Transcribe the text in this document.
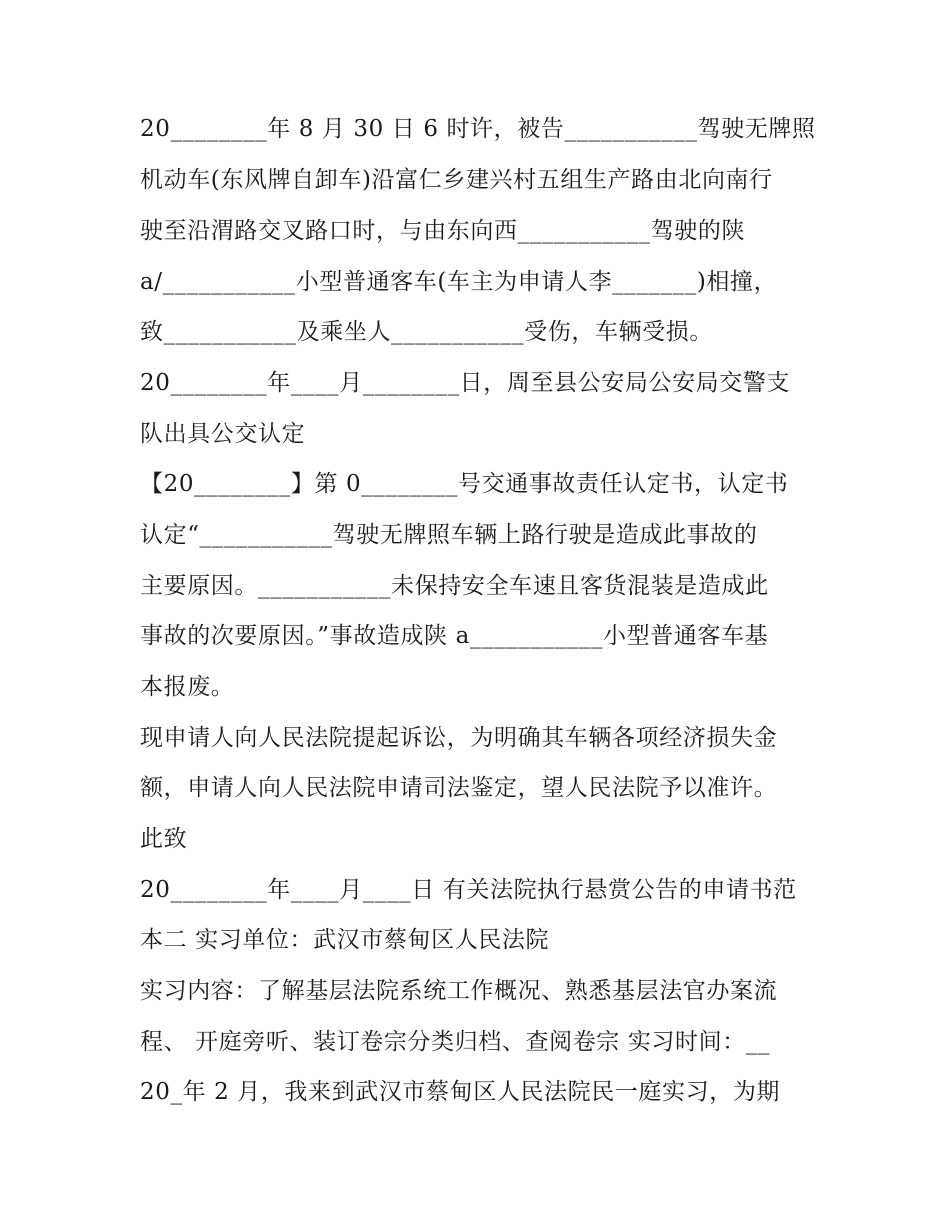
20________年 8 月 30 日 6 时许，被告___________驾驶无牌照

机动车(东风牌自卸车)沿富仁乡建兴村五组生产路由北向南行

驶至沿渭路交叉路口时，与由东向西___________驾驶的陕

a/___________小型普通客车(车主为申请人李_______)相撞，

致___________及乘坐人___________受伤，车辆受损。

20________年____月________日，周至县公安局公安局交警支

队出具公交认定

【20________】第 0________号交通事故责任认定书，认定书

认定“___________驾驶无牌照车辆上路行驶是造成此事故的

主要原因。___________未保持安全车速且客货混装是造成此

事故的次要原因。”事故造成陕 a___________小型普通客车基

本报废。

现申请人向人民法院提起诉讼，为明确其车辆各项经济损失金

额，申请人向人民法院申请司法鉴定，望人民法院予以准许。

此致

20________年____月____日 有关法院执行悬赏公告的申请书范

本二 实习单位：武汉市蔡甸区人民法院

实习内容：了解基层法院系统工作概况、熟悉基层法官办案流

程、 开庭旁听、装订卷宗分类归档、查阅卷宗 实习时间：__

20_年 2 月，我来到武汉市蔡甸区人民法院民一庭实习，为期
